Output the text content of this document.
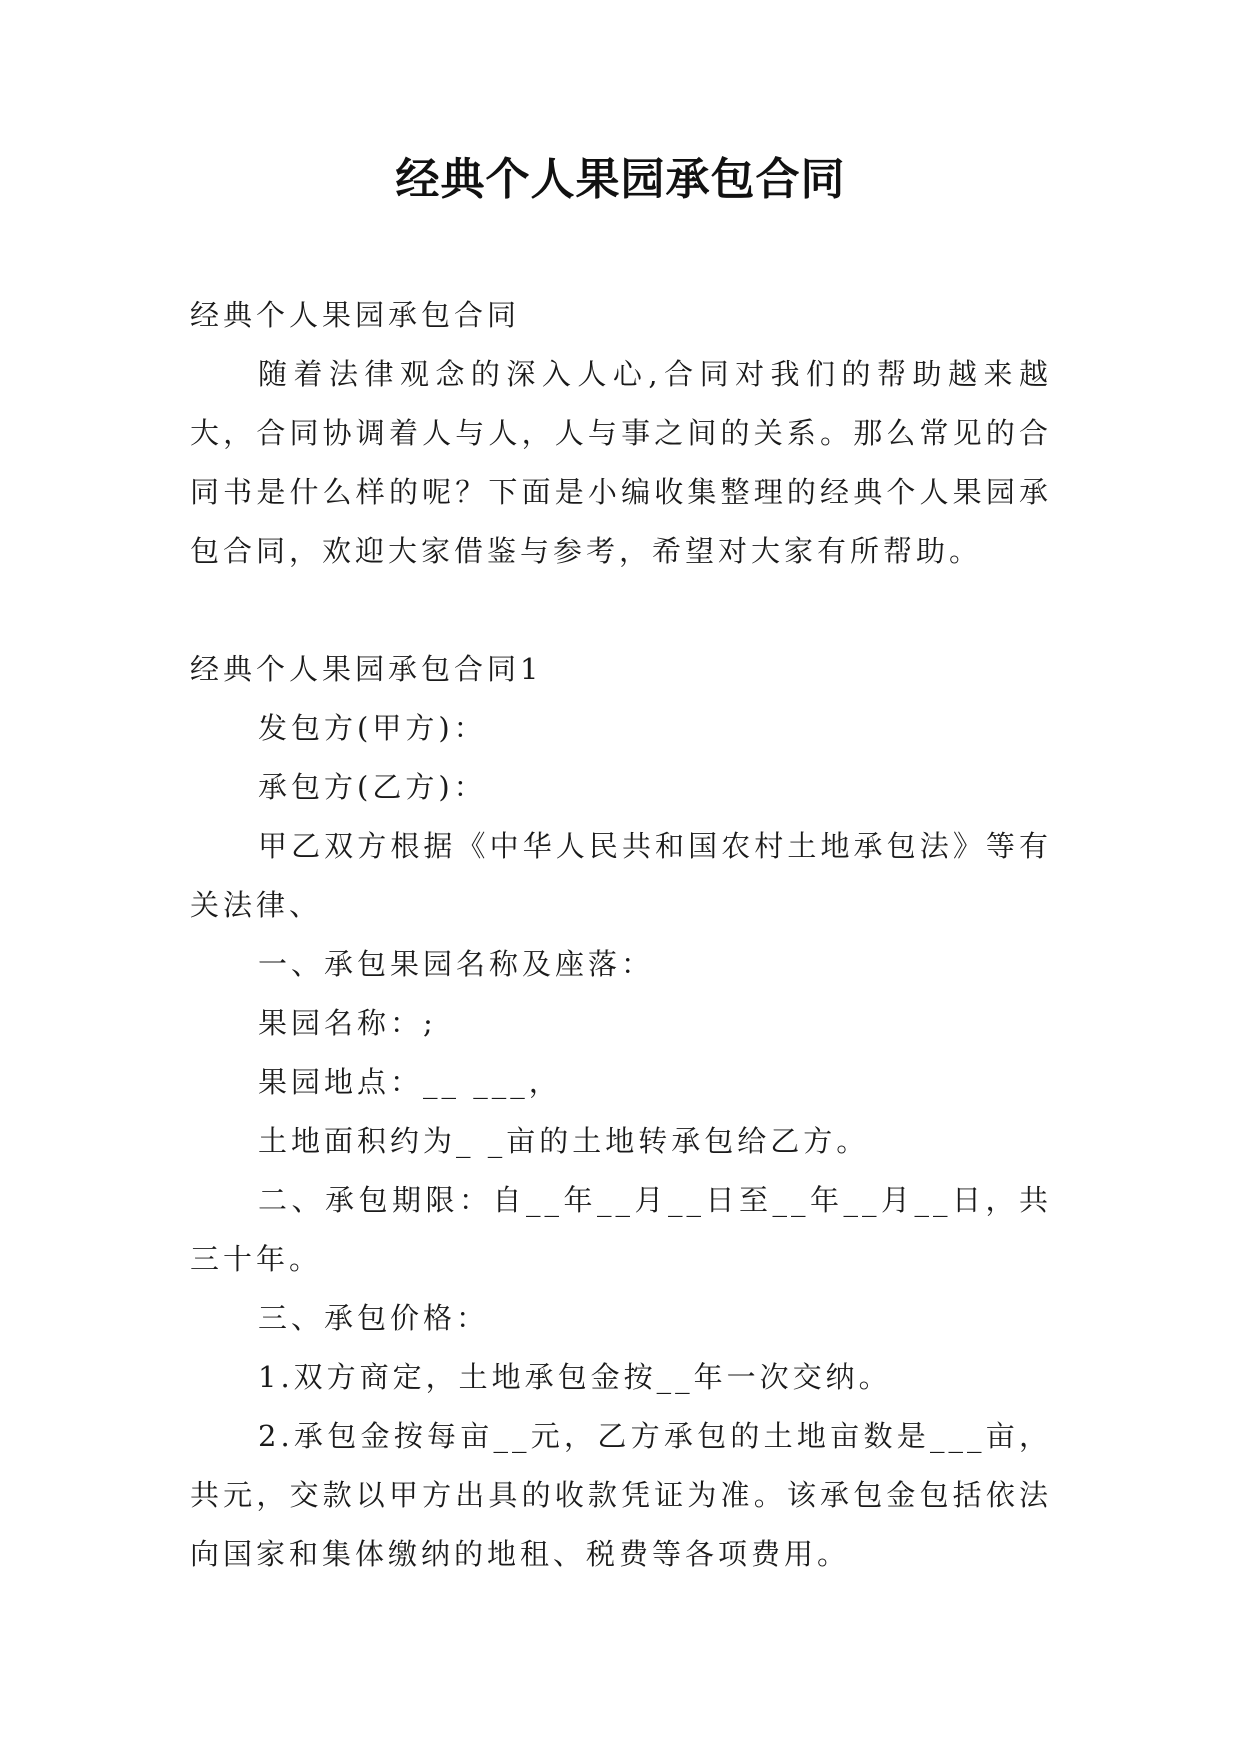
经典个人果园承包合同

经典个人果园承包合同

随着法律观念的深入人心,合同对我们的帮助越来越大，合同协调着人与人，人与事之间的关系。那么常见的合同书是什么样的呢？下面是小编收集整理的经典个人果园承包合同，欢迎大家借鉴与参考，希望对大家有所帮助。

经典个人果园承包合同1

发包方(甲方)：

承包方(乙方)：

甲乙双方根据《中华人民共和国农村土地承包法》等有关法律、

一、承包果园名称及座落：

果园名称：;

果园地点：__ ___，

土地面积约为_ _亩的土地转承包给乙方。

二、承包期限：自__年__月__日至__年__月__日，共三十年。

三、承包价格：

1.双方商定，土地承包金按__年一次交纳。

2.承包金按每亩__元，乙方承包的土地亩数是___亩，共元，交款以甲方出具的收款凭证为准。该承包金包括依法向国家和集体缴纳的地租、税费等各项费用。
